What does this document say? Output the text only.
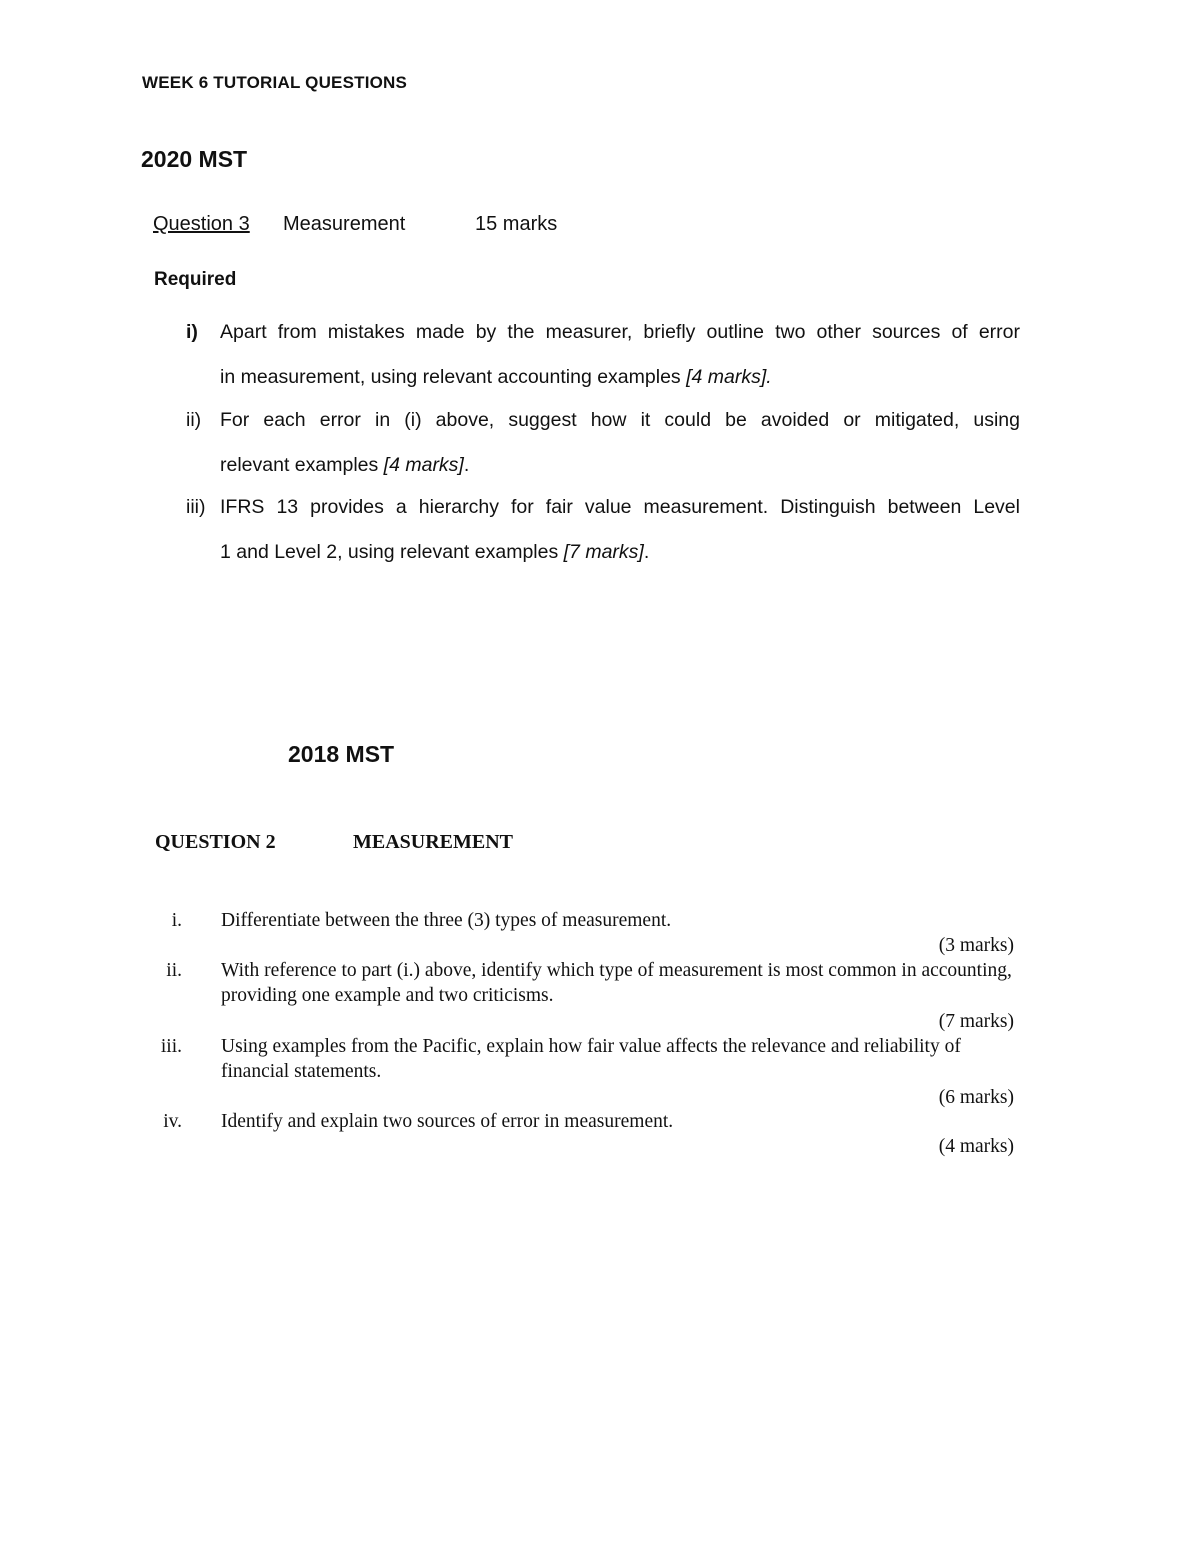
WEEK 6 TUTORIAL QUESTIONS
2020 MST
Question 3 Measurement	15 marks
Required
i) Apart from mistakes made by the measurer, briefly outline two other sources of error
in measurement, using relevant accounting examples [4 marks].
ii) For each error in (i) above, suggest how it could be avoided or mitigated, using
relevant examples [4 marks].
iii) IFRS 13 provides a hierarchy for fair value measurement. Distinguish between Level
1 and Level 2, using relevant examples [7 marks].
2018 MST
QUESTION 2	MEASUREMENT
i. Differentiate between the three (3) types of measurement.
(3 marks)
ii. With reference to part (i.) above, identify which type of measurement is most common in accounting, providing one example and two criticisms.
(7 marks)
iii. Using examples from the Pacific, explain how fair value affects the relevance and reliability of financial statements.
(6 marks)
iv. Identify and explain two sources of error in measurement.
(4 marks)
